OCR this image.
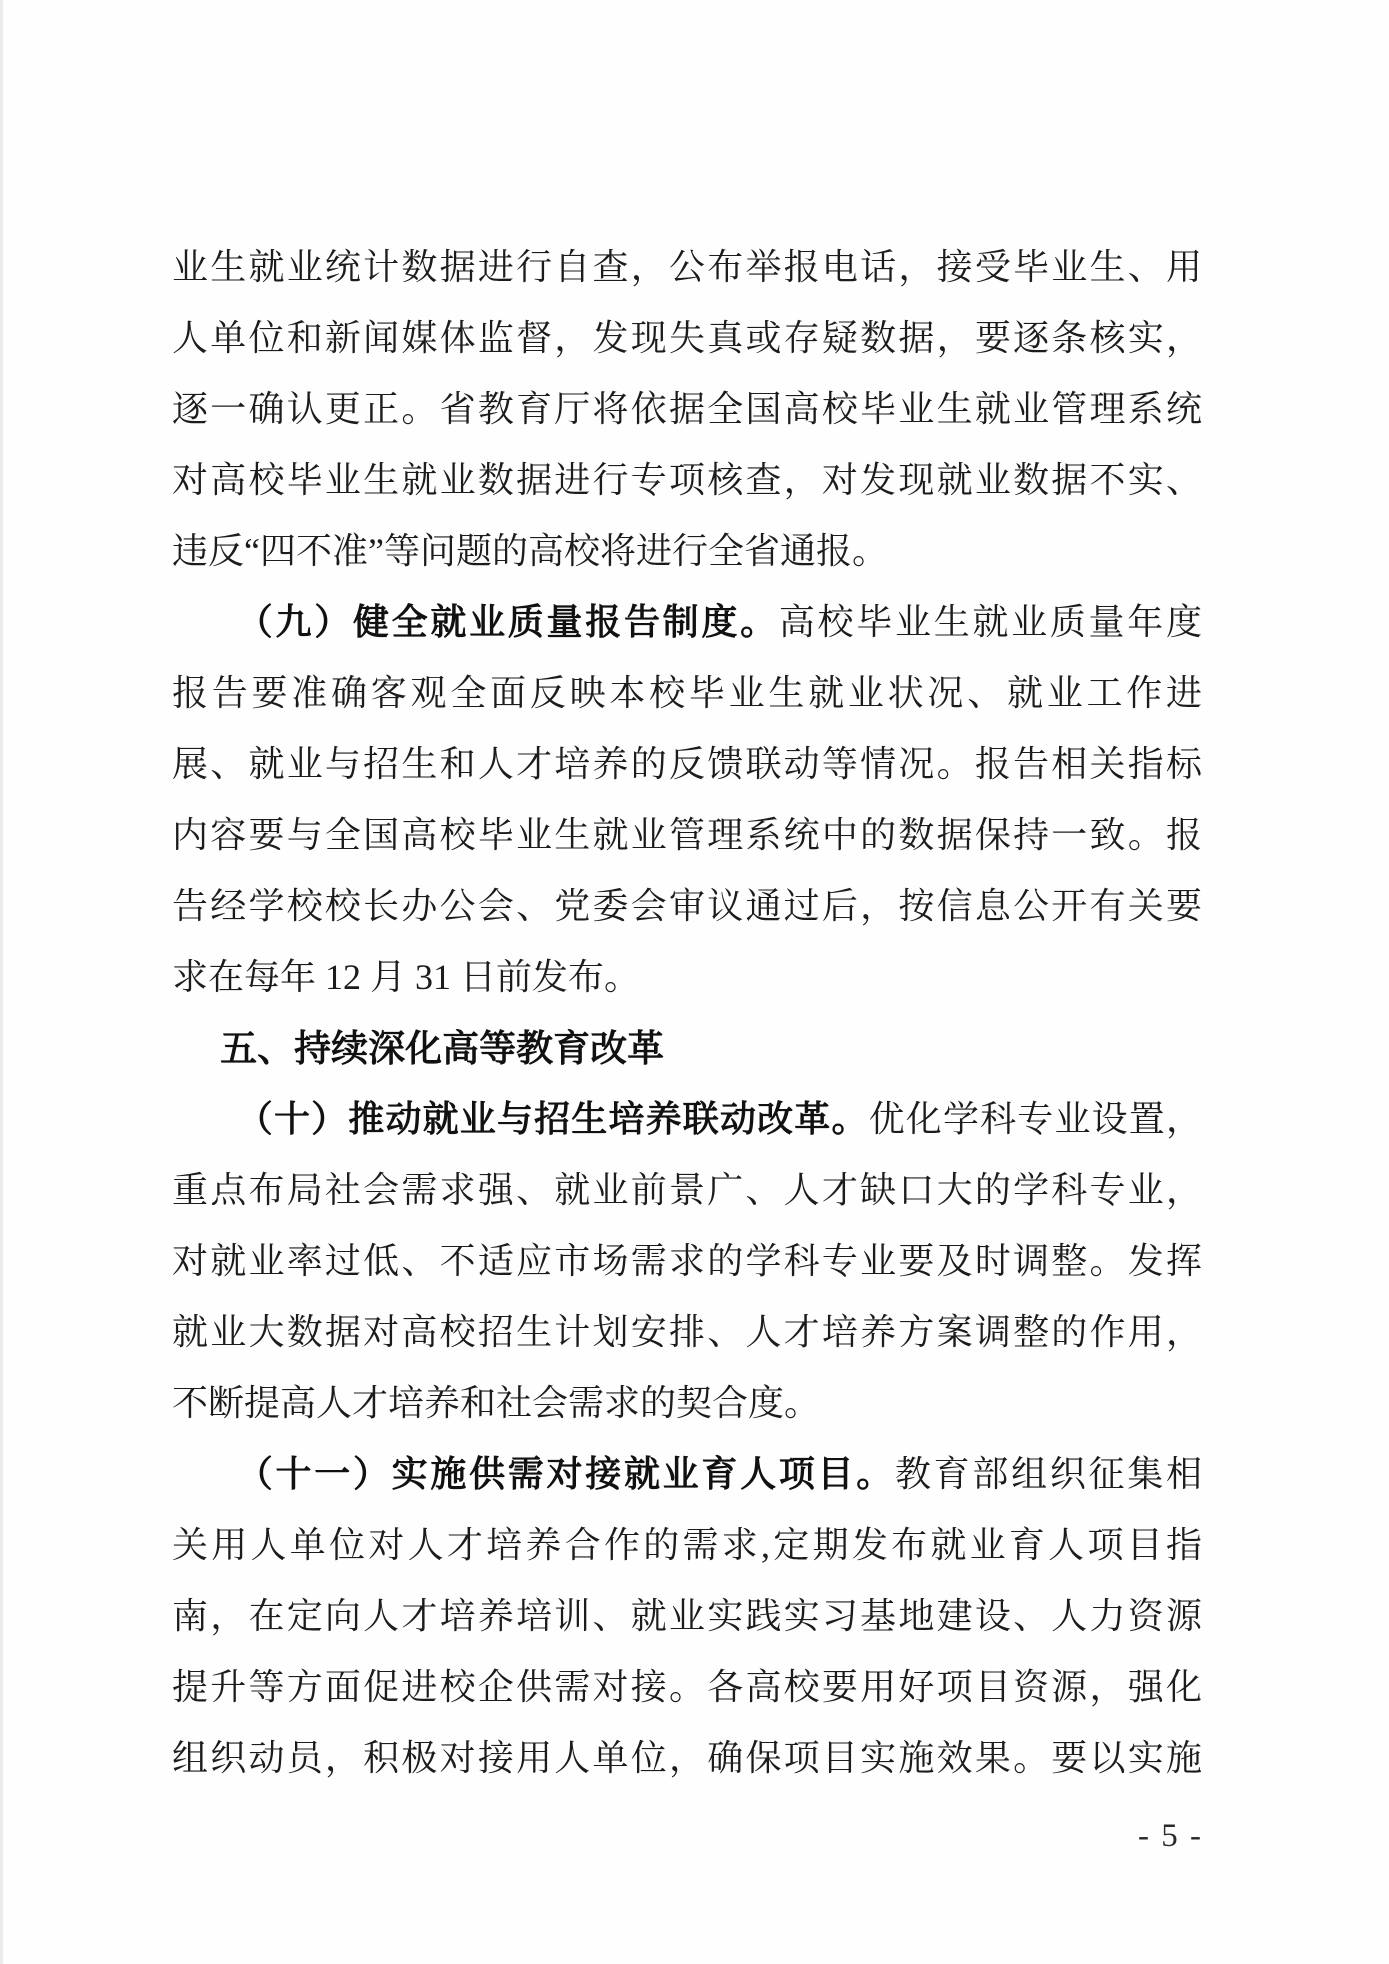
业生就业统计数据进行自查，公布举报电话，接受毕业生、用
人单位和新闻媒体监督，发现失真或存疑数据，要逐条核实，
逐一确认更正。省教育厅将依据全国高校毕业生就业管理系统
对高校毕业生就业数据进行专项核查，对发现就业数据不实、
违反“四不准”等问题的高校将进行全省通报。
（九）健全就业质量报告制度。高校毕业生就业质量年度
报告要准确客观全面反映本校毕业生就业状况、就业工作进
展、就业与招生和人才培养的反馈联动等情况。报告相关指标
内容要与全国高校毕业生就业管理系统中的数据保持一致。报
告经学校校长办公会、党委会审议通过后，按信息公开有关要
求在每年 12 月 31 日前发布。
五、持续深化高等教育改革
（十）推动就业与招生培养联动改革。优化学科专业设置，
重点布局社会需求强、就业前景广、人才缺口大的学科专业，
对就业率过低、不适应市场需求的学科专业要及时调整。发挥
就业大数据对高校招生计划安排、人才培养方案调整的作用，
不断提高人才培养和社会需求的契合度。
（十一）实施供需对接就业育人项目。教育部组织征集相
关用人单位对人才培养合作的需求,定期发布就业育人项目指
南，在定向人才培养培训、就业实践实习基地建设、人力资源
提升等方面促进校企供需对接。各高校要用好项目资源，强化
组织动员，积极对接用人单位，确保项目实施效果。要以实施
- 5 -
